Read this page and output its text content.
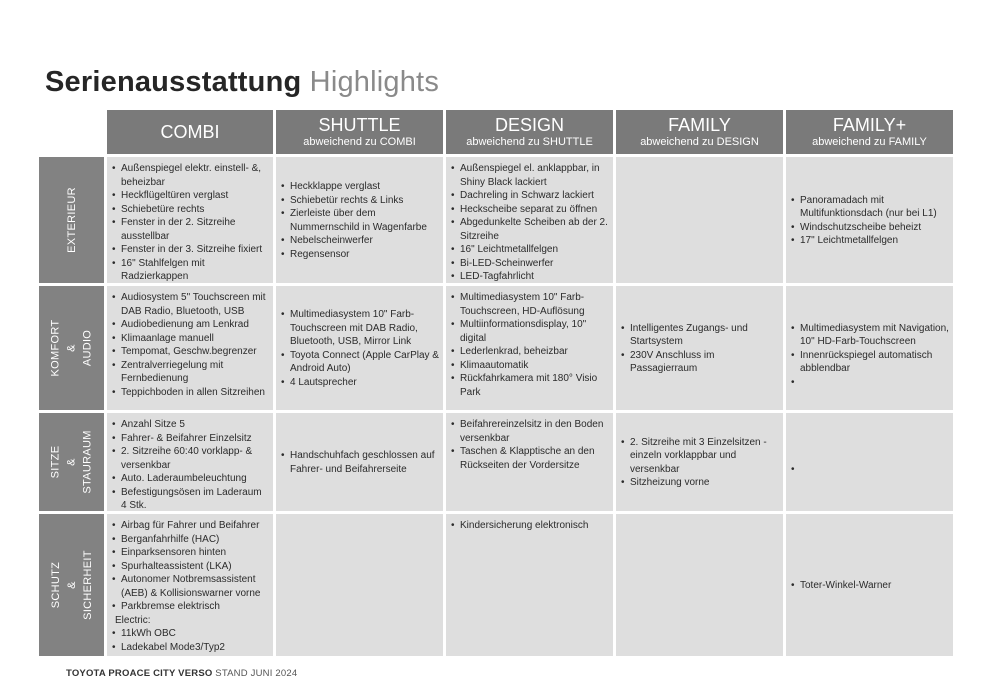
Serienausstattung Highlights
COMBI	SHUTTLE
abweichend zu COMBI
DESIGN
abweichend zu SHUTTLE
FAMILY
abweichend zu DESIGN
FAMILY+
abweichend zu FAMILY
EXTERIEUR
KOMFORT & AUDIO
SITZE & STAURAUM
SCHUTZ & SICHERHEIT
• Außenspiegel elektr. einstell- &, beheizbar
• Heckflügeltüren verglast
• Schiebetüre rechts
• Fenster in der 2. Sitzreihe ausstellbar
• Fenster in der 3. Sitzreihe fixiert
• 16" Stahlfelgen mit Radzierkappen
• Heckklappe verglast
• Schiebetür rechts & Links
• Zierleiste über dem Nummernschild in Wagenfarbe
• Nebelscheinwerfer
• Regensensor
• Außenspiegel el. anklappbar, in Shiny Black lackiert
• Dachreling in Schwarz lackiert
• Heckscheibe separat zu öffnen
• Abgedunkelte Scheiben ab der 2. Sitzreihe
• 16" Leichtmetallfelgen
• Bi-LED-Scheinwerfer
• LED-Tagfahrlicht
• Panoramadach mit Multifunktionsdach (nur bei L1)
• Windschutzscheibe beheizt
• 17" Leichtmetallfelgen
• Audiosystem 5" Touchscreen mit DAB Radio, Bluetooth, USB
• Audiobedienung am Lenkrad
• Klimaanlage manuell
• Tempomat, Geschw.begrenzer
• Zentralverriegelung mit Fernbedienung
• Teppichboden in allen Sitzreihen
• Multimediasystem 10" Farb-Touchscreen mit DAB Radio, Bluetooth, USB, Mirror Link
• Toyota Connect (Apple CarPlay & Android Auto)
• 4 Lautsprecher
• Multimediasystem 10" Farb-Touchscreen, HD-Auflösung
• Multiinformationsdisplay, 10" digital
• Lederlenkrad, beheizbar
• Klimaautomatik
• Rückfahrkamera mit 180° Visio Park
• Intelligentes Zugangs- und Startsystem
• 230V Anschluss im Passagierraum
• Multimediasystem mit Navigation, 10" HD-Farb-Touchscreen
• Innenrückspiegel automatisch abblendbar
• Anzahl Sitze 5
• Fahrer- & Beifahrer Einzelsitz
• 2. Sitzreihe 60:40 vorklapp- & versenkbar
• Auto. Laderaumbeleuchtung
• Befestigungsösen im Laderaum 4 Stk.
• Handschuhfach geschlossen auf Fahrer- und Beifahrerseite
• Beifahrereinzelsitz in den Boden versenkbar
• Taschen & Klapptische an den Rückseiten der Vordersitze
• 2. Sitzreihe mit 3 Einzelsitzen - einzeln vorklappbar und versenkbar
• Sitzheizung vorne
• Airbag für Fahrer und Beifahrer
• Berganfahrhilfe (HAC)
• Einparksensoren hinten
• Spurhalteassistent (LKA)
• Autonomer Notbremsassistent (AEB) & Kollisionswarner vorne
• Parkbremse elektrisch
Electric:
• 11kWh OBC
• Ladekabel Mode3/Typ2
• Kindersicherung elektronisch
• Toter-Winkel-Warner
TOYOTA PROACE CITY VERSO STAND JUNI 2024
